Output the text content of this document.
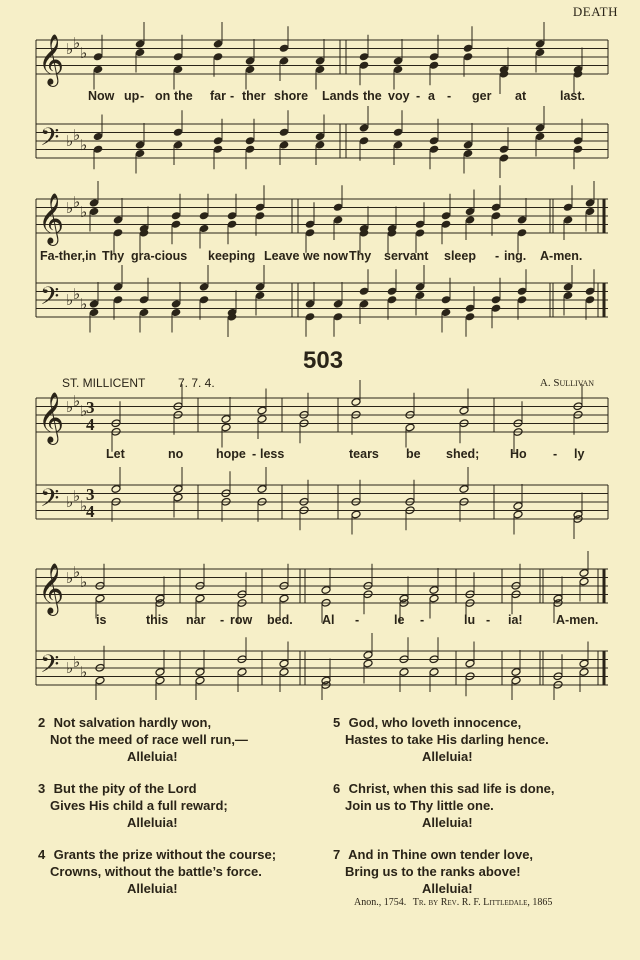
DEATH
𝄞
𝄢
♭ ♭
♭
♭ ♭
♭
𝄞
𝄢
♭ ♭
♭
♭ ♭
♭
𝄞
𝄢
♭ ♭
♭
♭ ♭
♭
3
4
3
4
𝄞
𝄢
♭ ♭
♭
♭ ♭
♭
Now up - on the far - ther shore Lands the voy - a - ger at	last.
Fa-ther,in Thy gra-cious keeping Leave we now Thy servant sleep - ing. A-men.
Let	no	hope - less	tears be shed; Ho - ly
is	this nar - row bed. Al -	le -	lu - ia!	A-men.
503
ST. MILLICENT	7. 7. 4.	A. Sullivan
2 Not salvation hardly won,
Not the meed of race well run,—
Alleluia!
3 But the pity of the Lord
Gives His child a full reward;
Alleluia!
4 Grants the prize without the course;
Crowns, without the battle’s force.
Alleluia!
5 God, who loveth innocence,
Hastes to take His darling hence.
Alleluia!
6 Christ, when this sad life is done,
Join us to Thy little one.
Alleluia!
7 And in Thine own tender love,
Bring us to the ranks above!
Alleluia!
Anon., 1754. Tr. by Rev. R. F. Littledale, 1865
